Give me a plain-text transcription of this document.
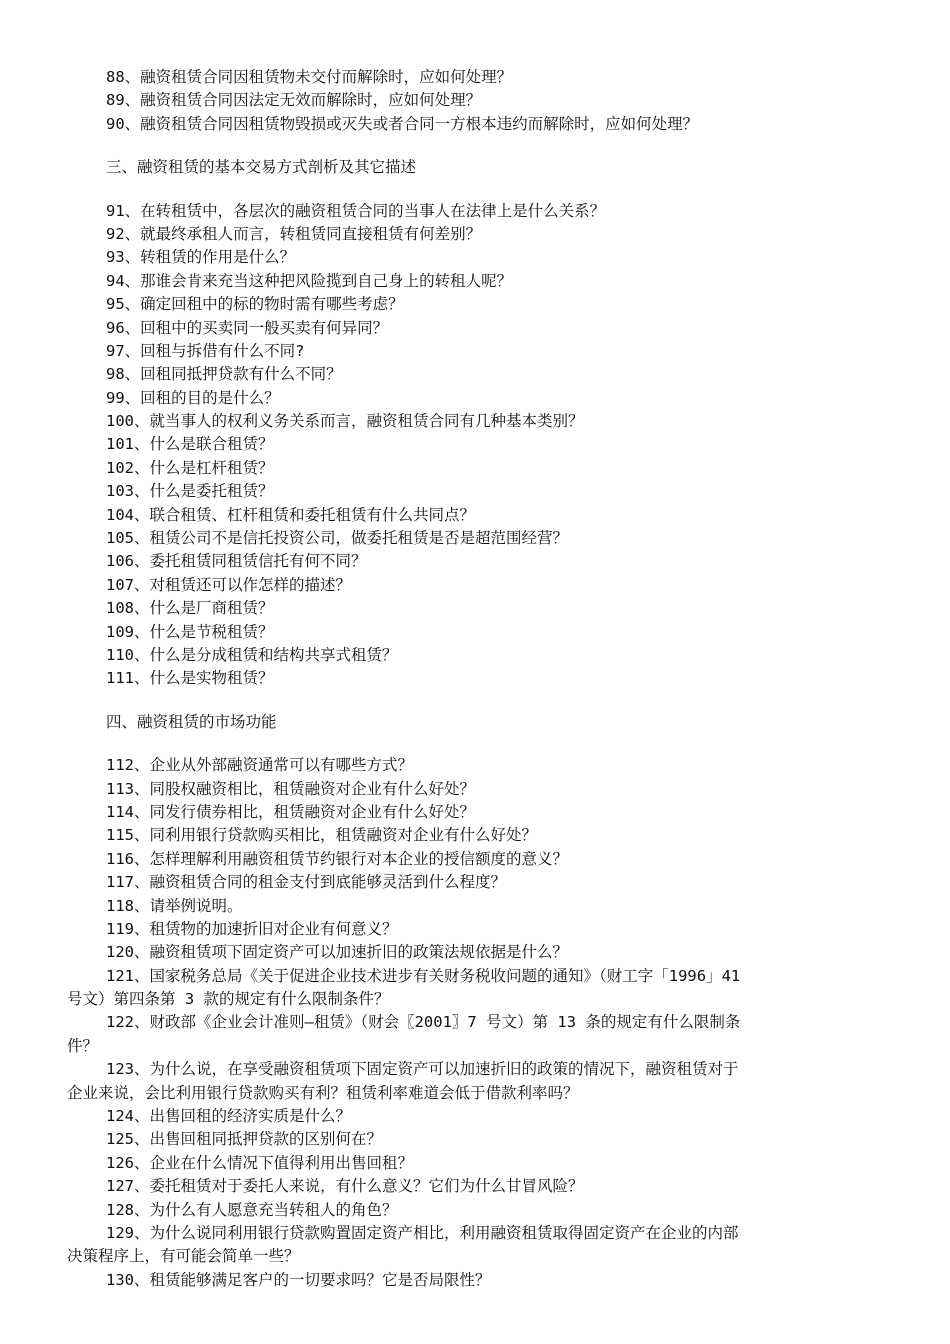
88、融资租赁合同因租赁物未交付而解除时，应如何处理？
89、融资租赁合同因法定无效而解除时，应如何处理？
90、融资租赁合同因租赁物毁损或灭失或者合同一方根本违约而解除时，应如何处理？
三、融资租赁的基本交易方式剖析及其它描述
91、在转租赁中，各层次的融资租赁合同的当事人在法律上是什么关系？
92、就最终承租人而言，转租赁同直接租赁有何差别？
93、转租赁的作用是什么？
94、那谁会肯来充当这种把风险揽到自己身上的转租人呢？
95、确定回租中的标的物时需有哪些考虑？
96、回租中的买卖同一般买卖有何异同？
97、回租与拆借有什么不同?
98、回租同抵押贷款有什么不同？
99、回租的目的是什么？
100、就当事人的权利义务关系而言，融资租赁合同有几种基本类别？
101、什么是联合租赁？
102、什么是杠杆租赁？
103、什么是委托租赁？
104、联合租赁、杠杆租赁和委托租赁有什么共同点？
105、租赁公司不是信托投资公司，做委托租赁是否是超范围经营？
106、委托租赁同租赁信托有何不同？
107、对租赁还可以作怎样的描述？
108、什么是厂商租赁？
109、什么是节税租赁？
110、什么是分成租赁和结构共享式租赁？
111、什么是实物租赁？
四、融资租赁的市场功能
112、企业从外部融资通常可以有哪些方式？
113、同股权融资相比，租赁融资对企业有什么好处？
114、同发行债券相比，租赁融资对企业有什么好处？
115、同利用银行贷款购买相比，租赁融资对企业有什么好处？
116、怎样理解利用融资租赁节约银行对本企业的授信额度的意义？
117、融资租赁合同的租金支付到底能够灵活到什么程度？
118、请举例说明。
119、租赁物的加速折旧对企业有何意义？
120、融资租赁项下固定资产可以加速折旧的政策法规依据是什么？
121、国家税务总局《关于促进企业技术进步有关财务税收问题的通知》（财工字「1996」41
号文）第四条第 3 款的规定有什么限制条件？
122、财政部《企业会计准则—租赁》（财会〖2001〗7 号文）第 13 条的规定有什么限制条
件？
123、为什么说，在享受融资租赁项下固定资产可以加速折旧的政策的情况下，融资租赁对于
企业来说，会比利用银行贷款购买有利？租赁利率难道会低于借款利率吗？
124、出售回租的经济实质是什么？
125、出售回租同抵押贷款的区别何在？
126、企业在什么情况下值得利用出售回租？
127、委托租赁对于委托人来说，有什么意义？它们为什么甘冒风险？
128、为什么有人愿意充当转租人的角色？
129、为什么说同利用银行贷款购置固定资产相比，利用融资租赁取得固定资产在企业的内部
决策程序上，有可能会简单一些？
130、租赁能够满足客户的一切要求吗？它是否局限性？
